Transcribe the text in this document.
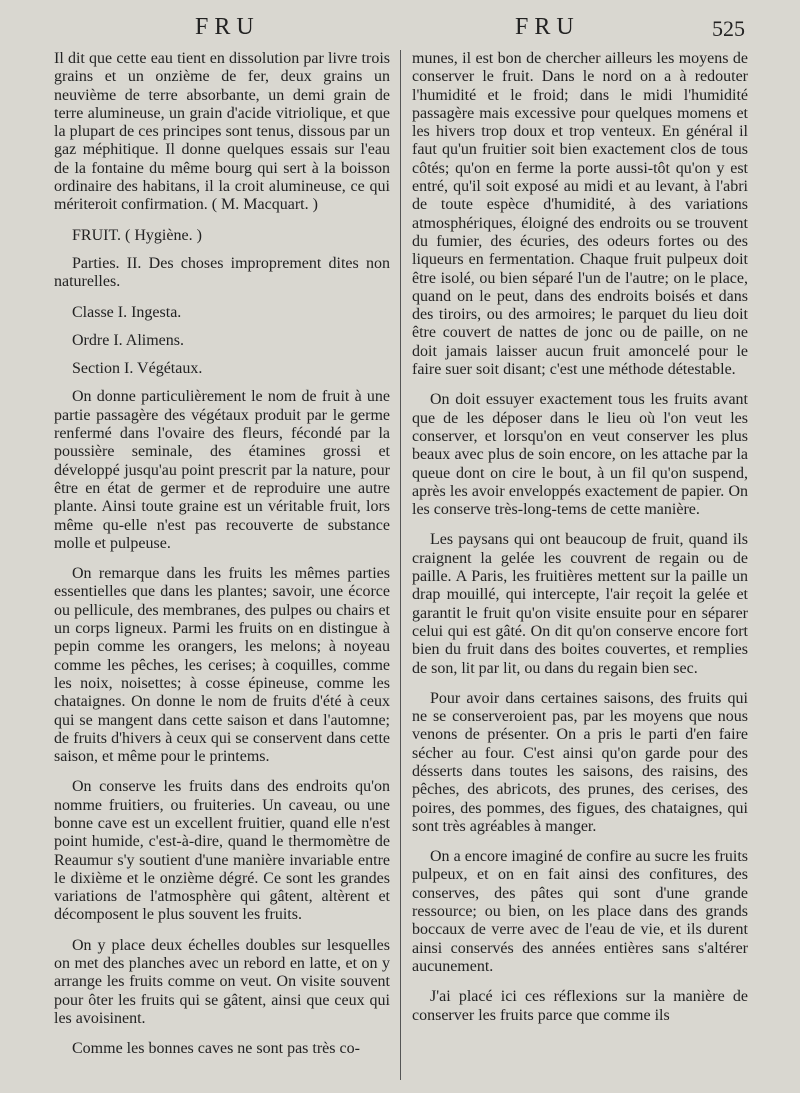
FRU	FRU	525

Il dit que cette eau tient en dissolution par livre trois grains et un onzième de fer, deux grains un neuvième de terre absorbante, un demi grain de terre alumineuse, un grain d'acide vitriolique, et que la plupart de ces principes sont tenus, dissous par un gaz méphitique. Il donne quelques essais sur l'eau de la fontaine du même bourg qui sert à la boisson ordinaire des habitans, il la croit alumineuse, ce qui mériteroit confirmation. ( M. Macquart. )

FRUIT. ( Hygiène. )

Parties. II. Des choses improprement dites non naturelles.

Classe I. Ingesta.
Ordre I. Alimens.
Section I. Végétaux.

On donne particulièrement le nom de fruit à une partie passagère des végétaux produit par le germe renfermé dans l'ovaire des fleurs, fécondé par la poussière seminale, des étamines grossi et développé jusqu'au point prescrit par la nature, pour être en état de germer et de reproduire une autre plante. Ainsi toute graine est un véritable fruit, lors même qu-elle n'est pas recouverte de substance molle et pulpeuse.

On remarque dans les fruits les mêmes parties essentielles que dans les plantes; savoir, une écorce ou pellicule, des membranes, des pulpes ou chairs et un corps ligneux. Parmi les fruits on en distingue à pepin comme les orangers, les melons; à noyeau comme les pêches, les cerises; à coquilles, comme les noix, noisettes; à cosse épineuse, comme les chataignes. On donne le nom de fruits d'été à ceux qui se mangent dans cette saison et dans l'automne; de fruits d'hivers à ceux qui se conservent dans cette saison, et même pour le printems.

On conserve les fruits dans des endroits qu'on nomme fruitiers, ou fruiteries. Un caveau, ou une bonne cave est un excellent fruitier, quand elle n'est point humide, c'est-à-dire, quand le thermomètre de Reaumur s'y soutient d'une manière invariable entre le dixième et le onzième dégré. Ce sont les grandes variations de l'atmosphère qui gâtent, altèrent et décomposent le plus souvent les fruits.

On y place deux échelles doubles sur lesquelles on met des planches avec un rebord en latte, et on y arrange les fruits comme on veut. On visite souvent pour ôter les fruits qui se gâtent, ainsi que ceux qui les avoisinent.

Comme les bonnes caves ne sont pas très co-

munes, il est bon de chercher ailleurs les moyens de conserver le fruit. Dans le nord on a à redouter l'humidité et le froid; dans le midi l'humidité passagère mais excessive pour quelques momens et les hivers trop doux et trop venteux. En général il faut qu'un fruitier soit bien exactement clos de tous côtés; qu'on en ferme la porte aussi-tôt qu'on y est entré, qu'il soit exposé au midi et au levant, à l'abri de toute espèce d'humidité, à des variations atmosphériques, éloigné des endroits ou se trouvent du fumier, des écuries, des odeurs fortes ou des liqueurs en fermentation. Chaque fruit pulpeux doit être isolé, ou bien séparé l'un de l'autre; on le place, quand on le peut, dans des endroits boisés et dans des tiroirs, ou des armoires; le parquet du lieu doit être couvert de nattes de jonc ou de paille, on ne doit jamais laisser aucun fruit amoncelé pour le faire suer soit disant; c'est une méthode détestable.

On doit essuyer exactement tous les fruits avant que de les déposer dans le lieu où l'on veut les conserver, et lorsqu'on en veut conserver les plus beaux avec plus de soin encore, on les attache par la queue dont on cire le bout, à un fil qu'on suspend, après les avoir enveloppés exactement de papier. On les conserve très-long-tems de cette manière.

Les paysans qui ont beaucoup de fruit, quand ils craignent la gelée les couvrent de regain ou de paille. A Paris, les fruitières mettent sur la paille un drap mouillé, qui intercepte, l'air reçoit la gelée et garantit le fruit qu'on visite ensuite pour en séparer celui qui est gâté. On dit qu'on conserve encore fort bien du fruit dans des boites couvertes, et remplies de son, lit par lit, ou dans du regain bien sec.

Pour avoir dans certaines saisons, des fruits qui ne se conserveroient pas, par les moyens que nous venons de présenter. On a pris le parti d'en faire sécher au four. C'est ainsi qu'on garde pour des désserts dans toutes les saisons, des raisins, des pêches, des abricots, des prunes, des cerises, des poires, des pommes, des figues, des chataignes, qui sont très agréables à manger.

On a encore imaginé de confire au sucre les fruits pulpeux, et on en fait ainsi des confitures, des conserves, des pâtes qui sont d'une grande ressource; ou bien, on les place dans des grands boccaux de verre avec de l'eau de vie, et ils durent ainsi conservés des années entières sans s'altérer aucunement.

J'ai placé ici ces réflexions sur la manière de conserver les fruits parce que comme ils
